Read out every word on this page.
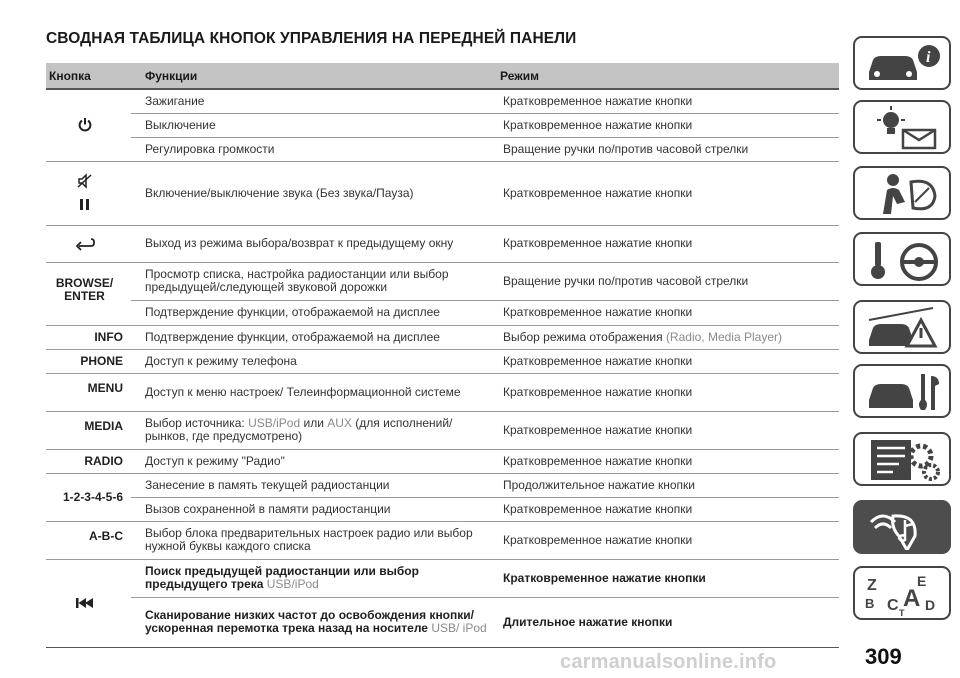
СВОДНАЯ ТАБЛИЦА КНОПОК УПРАВЛЕНИЯ НА ПЕРЕДНЕЙ ПАНЕЛИ
Кнопка	Функции	Режим
	Зажигание	Кратковременное нажатие кнопки
	Выключение	Кратковременное нажатие кнопки
	Регулировка громкости	Вращение ручки по/против часовой стрелки
	Включение/выключение звука (Без звука/Пауза)	Кратковременное нажатие кнопки
	Выход из режима выбора/возврат к предыдущему окну	Кратковременное нажатие кнопки
BROWSE/ ENTER	Просмотр списка, настройка радиостанции или выбор предыдущей/следующей звуковой дорожки	Вращение ручки по/против часовой стрелки
	Подтверждение функции, отображаемой на дисплее	Кратковременное нажатие кнопки
INFO	Подтверждение функции, отображаемой на дисплее	Выбор режима отображения (Radio, Media Player)
PHONE	Доступ к режиму телефона	Кратковременное нажатие кнопки
MENU	Доступ к меню настроек/ Телеинформационной системе	Кратковременное нажатие кнопки
MEDIA	Выбор источника: USB/iPod или AUX (для исполнений/ рынков, где предусмотрено)	Кратковременное нажатие кнопки
RADIO	Доступ к режиму "Радио"	Кратковременное нажатие кнопки
1-2-3-4-5-6	Занесение в память текущей радиостанции	Продолжительное нажатие кнопки
	Вызов сохраненной в памяти радиостанции	Кратковременное нажатие кнопки
A-B-C	Выбор блока предварительных настроек радио или выбор нужной буквы каждого списка	Кратковременное нажатие кнопки
	Поиск предыдущей радиостанции или выбор предыдущего трека USB/iPod	Кратковременное нажатие кнопки
	Сканирование низких частот до освобождения кнопки/ ускоренная перемотка трека назад на носителе USB/ iPod	Длительное нажатие кнопки
i
Z	E
B C A D
T
carmanualsonline.info	309
